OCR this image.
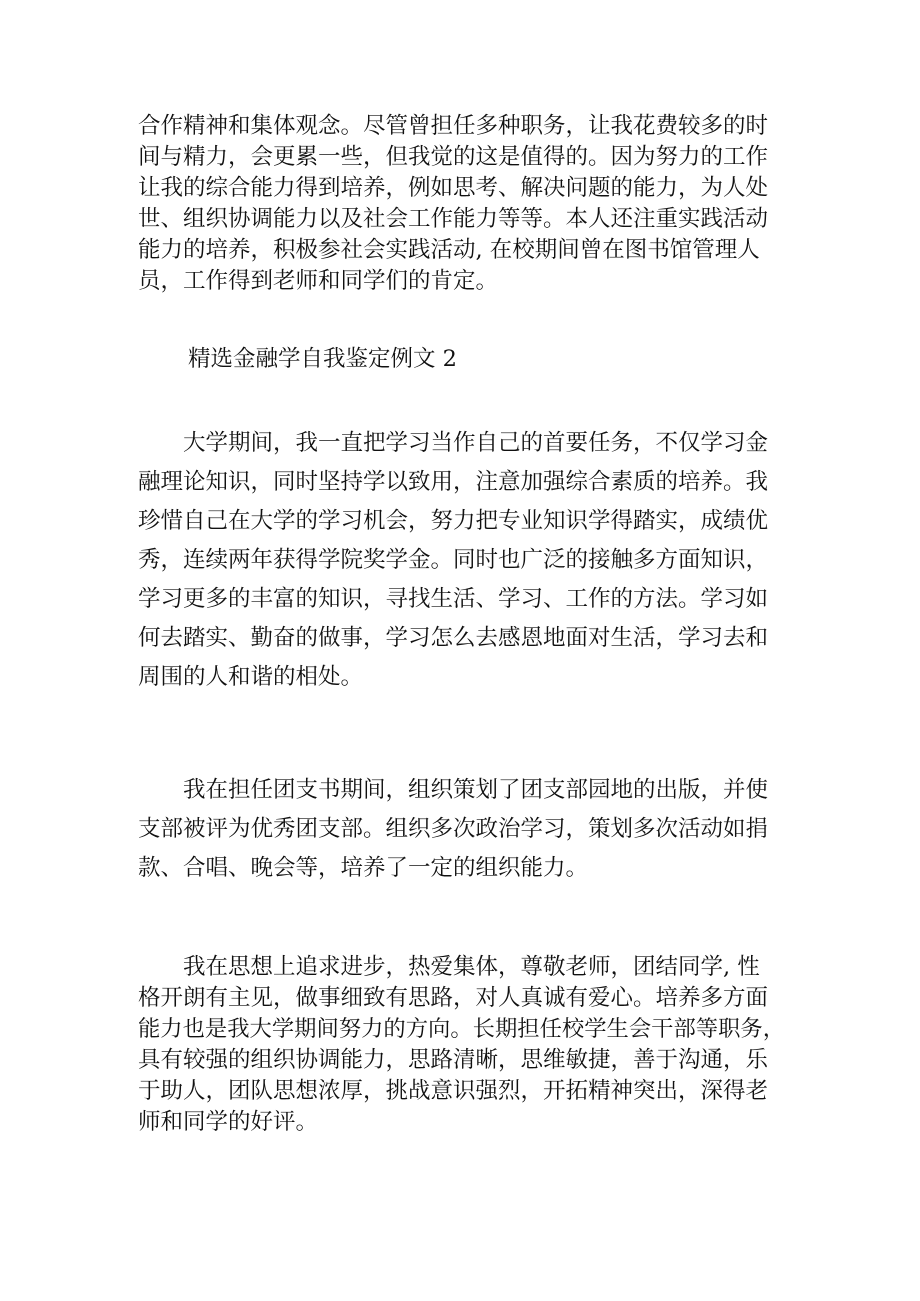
合作精神和集体观念。尽管曾担任多种职务，让我花费较多的时
间与精力，会更累一些，但我觉的这是值得的。因为努力的工作
让我的综合能力得到培养，例如思考、解决问题的能力，为人处
世、组织协调能力以及社会工作能力等等。本人还注重实践活动
能力的培养，积极参社会实践活动, 在校期间曾在图书馆管理人
员，工作得到老师和同学们的肯定。
精选金融学自我鉴定例文 2
　　大学期间，我一直把学习当作自己的首要任务，不仅学习金
融理论知识，同时坚持学以致用，注意加强综合素质的培养。我
珍惜自己在大学的学习机会，努力把专业知识学得踏实，成绩优
秀，连续两年获得学院奖学金。同时也广泛的接触多方面知识，
学习更多的丰富的知识，寻找生活、学习、工作的方法。学习如
何去踏实、勤奋的做事，学习怎么去感恩地面对生活，学习去和
周围的人和谐的相处。
　　我在担任团支书期间，组织策划了团支部园地的出版，并使
支部被评为优秀团支部。组织多次政治学习，策划多次活动如捐
款、合唱、晚会等，培养了一定的组织能力。
　　我在思想上追求进步，热爱集体，尊敬老师，团结同学, 性
格开朗有主见，做事细致有思路，对人真诚有爱心。培养多方面
能力也是我大学期间努力的方向。长期担任校学生会干部等职务，
具有较强的组织协调能力，思路清晰，思维敏捷，善于沟通，乐
于助人，团队思想浓厚，挑战意识强烈，开拓精神突出，深得老
师和同学的好评。
